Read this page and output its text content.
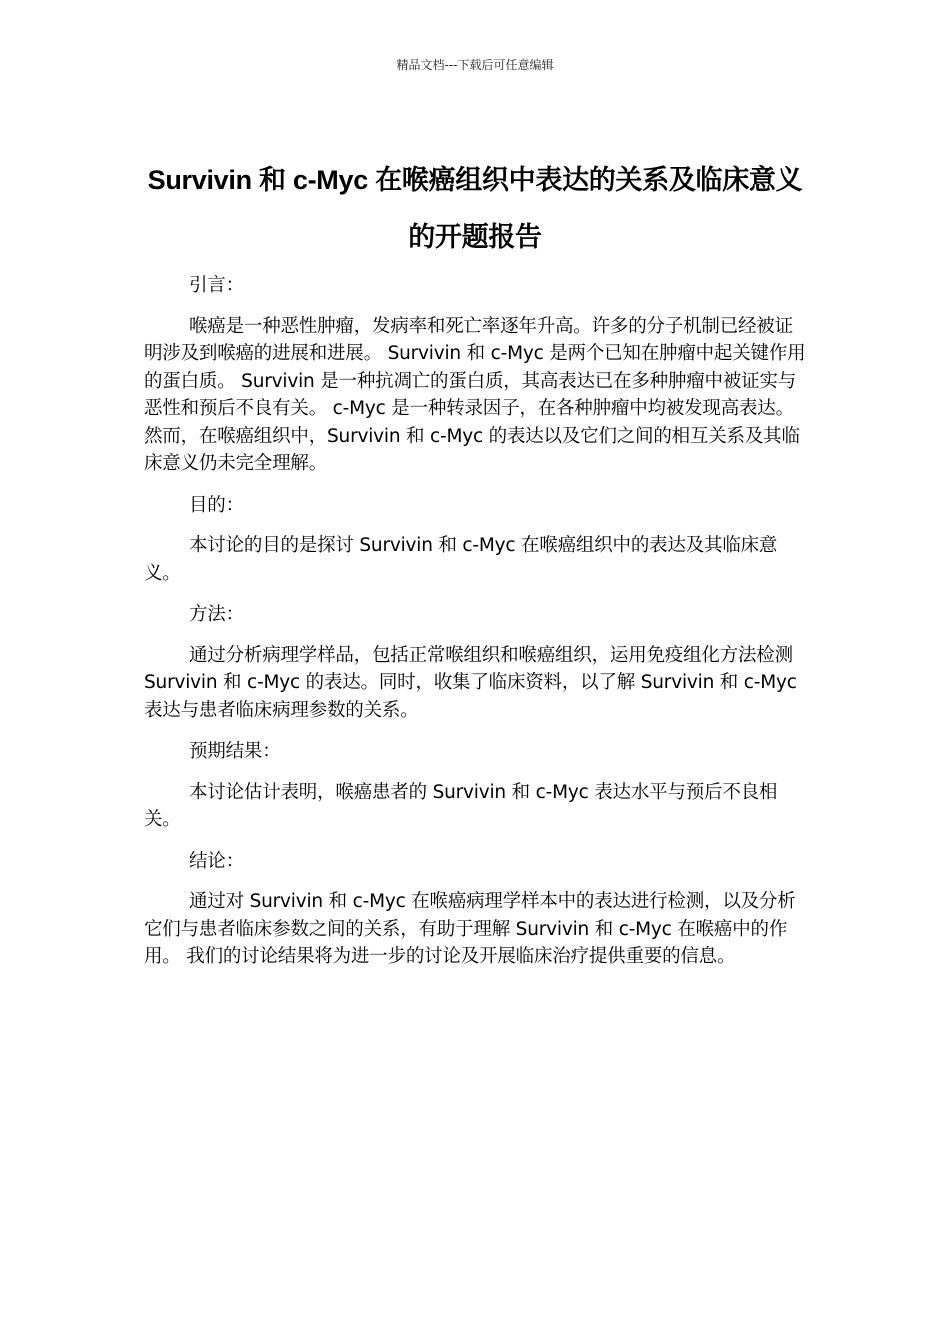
精品文档---下载后可任意编辑
Survivin 和 c-Myc 在喉癌组织中表达的关系及临床意义的开题报告

引言：

喉癌是一种恶性肿瘤，发病率和死亡率逐年升高。许多的分子机制已经被证明涉及到喉癌的进展和进展。 Survivin 和 c-Myc 是两个已知在肿瘤中起关键作用的蛋白质。 Survivin 是一种抗凋亡的蛋白质，其高表达已在多种肿瘤中被证实与恶性和预后不良有关。 c-Myc 是一种转录因子，在各种肿瘤中均被发现高表达。　然而，在喉癌组织中，Survivin 和 c-Myc 的表达以及它们之间的相互关系及其临床意义仍未完全理解。

目的：

本讨论的目的是探讨 Survivin 和 c-Myc 在喉癌组织中的表达及其临床意义。

方法：

通过分析病理学样品，包括正常喉组织和喉癌组织，运用免疫组化方法检测 Survivin 和 c-Myc 的表达。同时，收集了临床资料，以了解 Survivin 和 c-Myc 表达与患者临床病理参数的关系。

预期结果：

本讨论估计表明，喉癌患者的 Survivin 和 c-Myc 表达水平与预后不良相关。

结论：

通过对 Survivin 和 c-Myc 在喉癌病理学样本中的表达进行检测，以及分析它们与患者临床参数之间的关系，有助于理解 Survivin 和 c-Myc 在喉癌中的作用。 我们的讨论结果将为进一步的讨论及开展临床治疗提供重要的信息。
